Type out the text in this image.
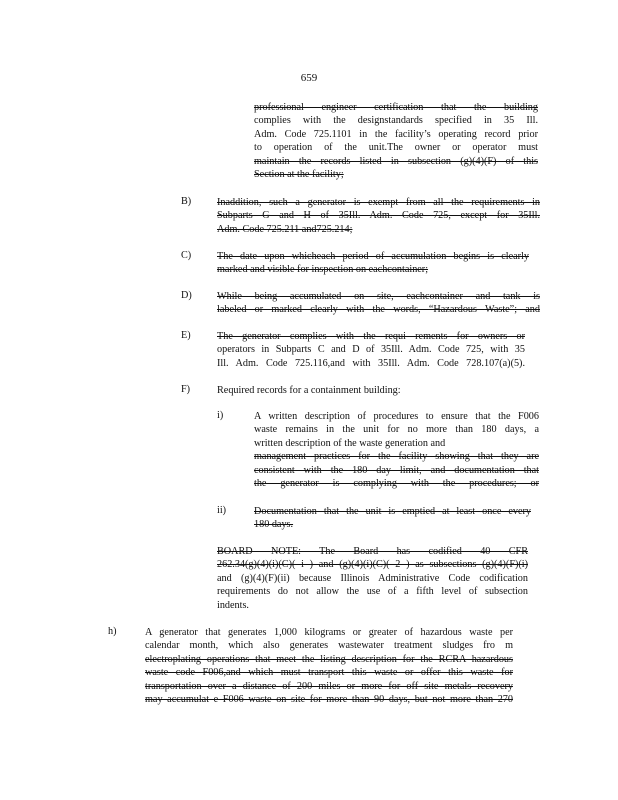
659
professional engineer certification that the building
complies with the designstandards specified in 35 Ill.
Adm. Code 725.1101 in the facility’s operating record prior
to operation of the unit.The owner or operator must
maintain the records listed in subsection (g)(4)(F) of this
Section at the facility;
B)	Inaddition, such a generator is exempt from all the requirements in
Subparts G and H of 35Ill. Adm. Code 725, except for 35Ill.
Adm. Code 725.211 and725.214;
C)	The date upon whicheach period of accumulation begins is clearly
marked and visible for inspection on eachcontainer;
D) While being accumulated on site, eachcontainer and tank is
labeled or marked clearly with the words, “Hazardous Waste”; and
E)	The generator complies with the requi rements for owners or
operators in Subparts C and D of 35Ill. Adm. Code 725, with 35
Ill. Adm. Code 725.116,and with 35Ill. Adm. Code 728.107(a)(5).
F)	Required records for a containment building:
i)	A written description of procedures to ensure that the F006
waste remains in the unit for no more than 180 days, a
written description of the waste generation and
management practices for the facility showing that they are
consistent with the 180 day limit, and documentation that
the generator is complying with the procedures; or
ii)	Documentation that the unit is emptied at least once every
180 days.
BOARD NOTE: The Board has codified 40 CFR
262.34(g)(4)(i)(C)( i ) and (g)(4)(i)(C)( 2 ) as subsections (g)(4)(F)(i)
and (g)(4)(F)(ii) because Illinois Administrative Code codification
requirements do not allow the use of a fifth level of subsection
indents.
h)	A generator that generates 1,000 kilograms or greater of hazardous waste per
calendar month, which also generates wastewater treatment sludges fro m
electroplating operations that meet the listing description for the RCRA hazardous
waste code F006,and which must transport this waste or offer this waste for
transportation over a distance of 200 miles or more for off site metals recovery
may accumulat e F006 waste on site for more than 90 days, but not more than 270
